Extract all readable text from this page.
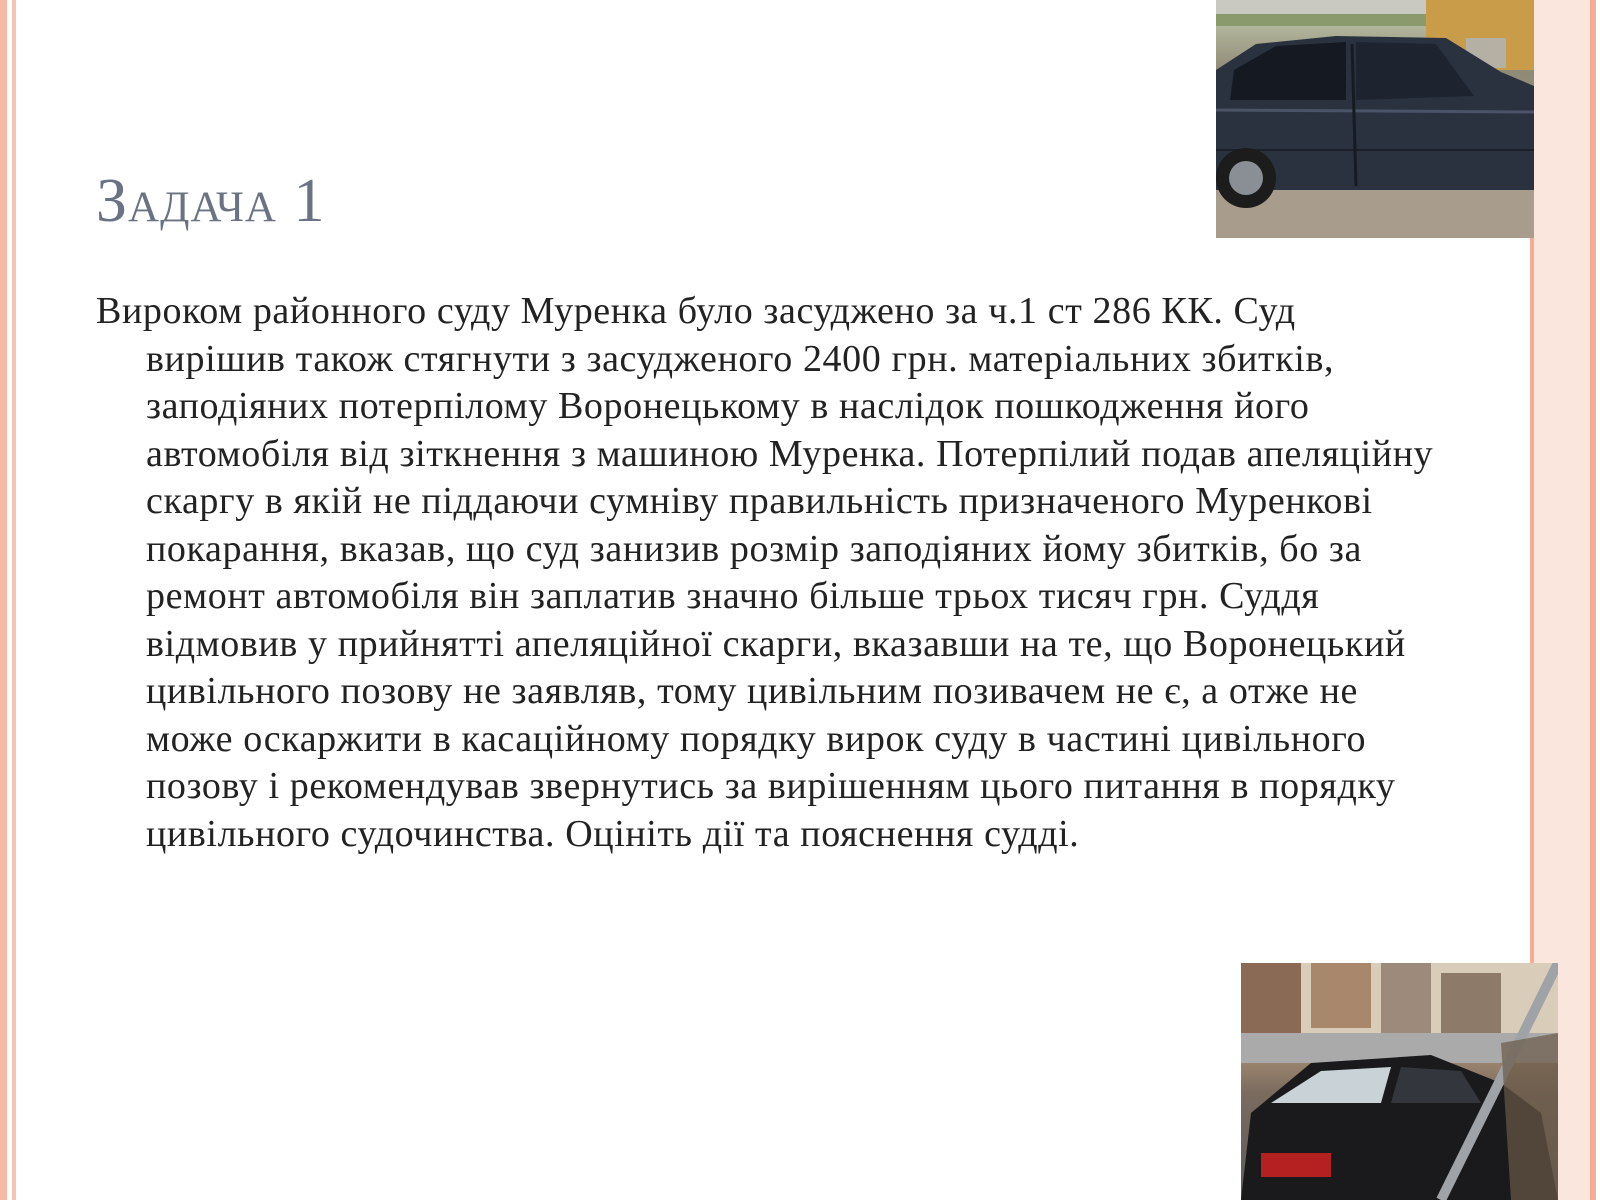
Задача 1

Вироком районного суду Муренка було засуджено за ч.1 ст 286 КК. Суд вирішив також стягнути з засудженого 2400 грн. матеріальних збитків, заподіяних потерпілому Воронецькому в наслідок пошкодження його автомобіля від зіткнення з машиною Муренка. Потерпілий подав апеляційну скаргу в якій не піддаючи сумніву правильність призначеного Муренкові покарання, вказав, що суд занизив розмір заподіяних йому збитків, бо за ремонт автомобіля він заплатив значно більше трьох тисяч грн. Суддя відмовив у прийнятті апеляційної скарги, вказавши на те, що Воронецький цивільного позову не заявляв, тому цивільним позивачем не є, а отже не може оскаржити в касаційному порядку вирок суду в частині цивільного позову і рекомендував звернутись за вирішенням цього питання в порядку цивільного судочинства. Оцініть дії та пояснення судді.
